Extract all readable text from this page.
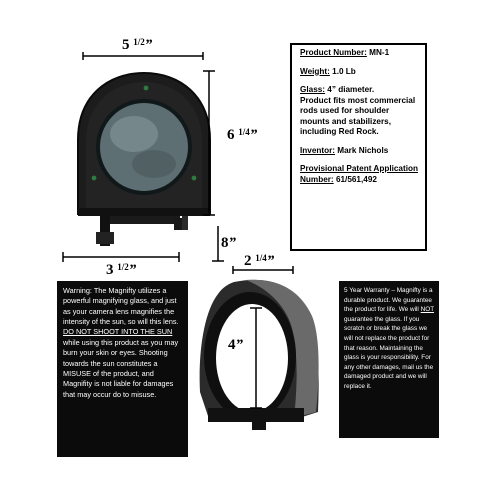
5 $^{1/2}$”
6 $^{1/4}$”
8”
3 $^{1/2}$”

Product Number: MN-1

Weight: 1.0 Lb

Glass: 4” diameter.
Product fits most commercial rods used for shoulder mounts and stabilizers, including Red Rock.

Inventor: Mark Nichols

Provisional Patent Application Number: 61/561,492

Warning: The Magnifty utilizes a powerful magnifying glass, and just as your camera lens magnifies the intensity of the sun, so will this lens. DO NOT SHOOT INTO THE SUN while using this product as you may burn your skin or eyes. Shooting towards the sun constitutes a MISUSE of the product, and Magnifity is not liable for damages that may occur do to misuse.
2 $^{1/4}$”
4”
5 Year Warranty – Magnifty is a durable product. We guarantee the product for life. We will NOT guarantee the glass. If you scratch or break the glass we will not replace the product for that reason. Maintaining the glass is your responsibility. For any other damages, mail us the damaged product and we will replace it.
